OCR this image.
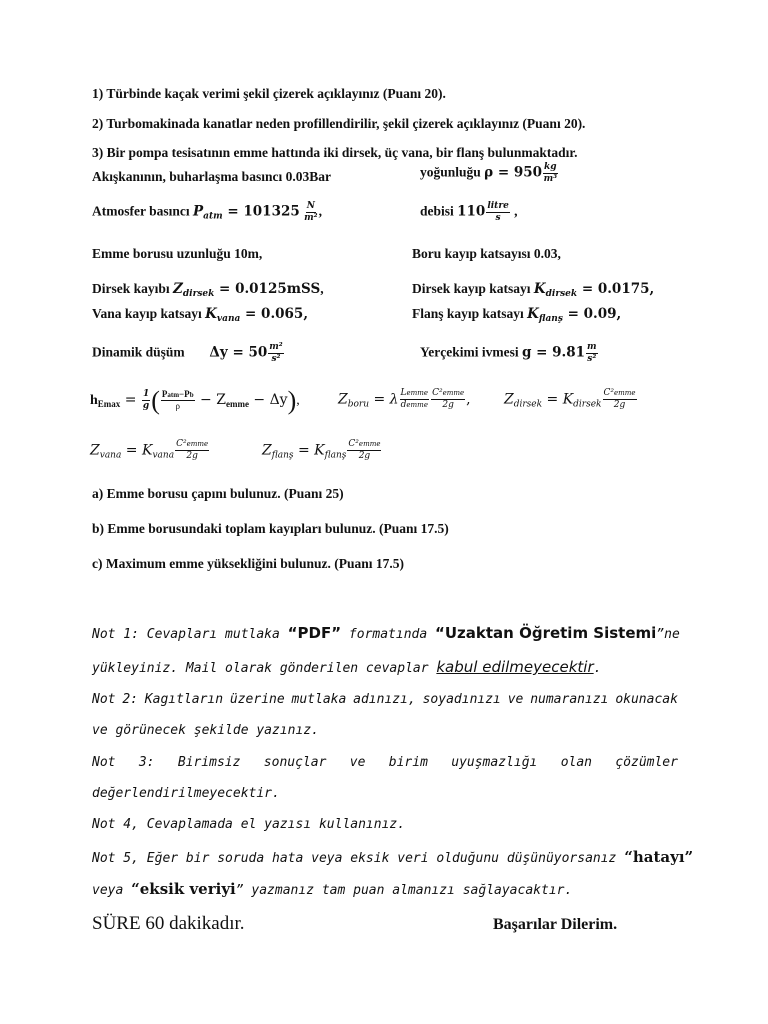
1) Türbinde kaçak verimi şekil çizerek açıklayınız (Puanı 20).
2) Turbomakinada kanatlar neden profillendirilir, şekil çizerek açıklayınız (Puanı 20).
3) Bir pompa tesisatının emme hattında iki dirsek, üç vana, bir flanş bulunmaktadır.
Akışkanının, buharlaşma basıncı 0.03Bar	yoğunluğu $\rho = 950 \frac{kg}{\text{m³}}$
Atmosfer basıncı $P_{atm} = 101325 \frac{N}{\text{m²}}$ ,	debisi $110 \frac{\text{litre}}{s}$ ,
Emme borusu uzunluğu 10m,	Boru kayıp katsayısı 0.03,
Dirsek kayıbı $Z_{dirsek} = 0.0125mSS$,	Dirsek kayıp katsayı $K_{dirsek} = 0.0175$,
Vana kayıp katsayı $K_{vana} = 0.065$,	Flanş kayıp katsayı $K_{flanş} = 0.09$,
Dinamik düşüm $\Delta y = 50 \frac{\text{m²}}{\text{s²}}$	Yerçekimi ivmesi $g = 9.81 \frac{m}{\text{s²}}$
$h_{Emax} = \frac{1}{g}$ ( $\frac{\text{Patm−Pb}}{\rho} - Z_{emme} - \Delta y$),	$Z_{boru} = \lambda \frac{\text{Lemme}}{\text{demme}} \frac{\text{C²emme}}{2g}$ , $Z_{dirsek} = K_{dirsek} \frac{\text{C²emme}}{2g}$
$Z_{vana} = K_{vana} \frac{\text{C²emme}}{2g}$	$Z_{flanş} = K_{flanş} \frac{\text{C²emme}}{2g}$
a) Emme borusu çapını bulunuz. (Puanı 25)
b) Emme borusundaki toplam kayıpları bulunuz. (Puanı 17.5)
c) Maximum emme yüksekliğini bulunuz. (Puanı 17.5)
Not 1: Cevapları mutlaka “PDF” formatında “Uzaktan Öğretim Sistemi”ne
yükleyiniz. Mail olarak gönderilen cevaplar kabul edilmeyecektir.
Not 2: Kagıtların üzerine mutlaka adınızı, soyadınızı ve numaranızı okunacak
ve görünecek şekilde yazınız.
Not 3: Birimsiz sonuçlar ve birim uyuşmazlığı olan çözümler
değerlendirilmeyecektir.
Not 4, Cevaplamada el yazısı kullanınız.
Not 5, Eğer bir soruda hata veya eksik veri olduğunu düşünüyorsanız “hatayı”
veya “eksik veriyi” yazmanız tam puan almanızı sağlayacaktır.
SÜRE 60 dakikadır.	Başarılar Dilerim.
